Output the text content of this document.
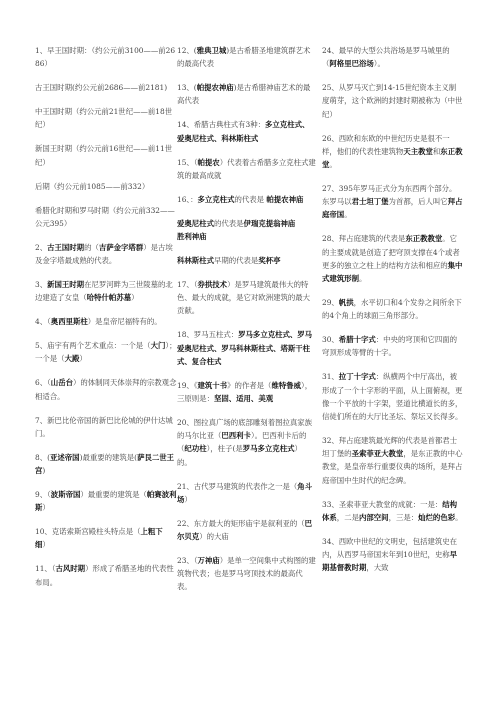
1、早王国时期：（约公元前3100——前2686）

古王国时期(约公元前2686——前2181)

中王国时期（约公元前21世纪——前18世纪）

新国王时期（约公元前16世纪——前11世纪）

后期（约公元前1085——前332）

希腊化时期和罗马时期（约公元前332——公元395）

2、古王国时期的（吉萨金字塔群）是古埃及金字塔最成熟的代表。

3、新国王时期在尼罗河畔为三世陵墓的北边建造了女皇（哈特什帕苏墓）

4、（奥西里斯柱）是皇帝尼福特有的。

5、庙宇有两个艺术重点：一个是（大门）；一个是（大殿）

6、（山岳台）的体制同天体崇拜的宗教观念相适合。

7、新巴比伦帝国的新巴比伦城的伊什达城门。

8、(亚述帝国)最重要的建筑是(萨艮二世王宫)

9、（波斯帝国）最重要的建筑是（帕赛波利斯）

10、克诺索斯宫殿柱头特点是（上粗下细）

11、（古风时期）形成了希腊圣地的代表性布局。

12、(雅典卫城)是古希腊圣地建筑群艺术的最高代表

13、(帕提农神庙)是古希腊神庙艺术的最高代表

14、希腊古典柱式有3种：多立克柱式、爱奥尼柱式、科林斯柱式

15、（帕提农）代表着古希腊多立克柱式建筑的最高成就

16、：多立克柱式的代表是 帕提农神庙

爱奥尼柱式的代表是伊瑞克提翁神庙　　胜利神庙

科林斯柱式早期的代表是奖杯亭

17、（券拱技术）是罗马建筑最伟大的特色、最大的成就，是它对欧洲建筑的最大贡献。

18、罗马五柱式：罗马多立克柱式、罗马爱奥尼柱式、罗马科林斯柱式、塔斯干柱式、复合柱式

19、《建筑十书》的作者是（维特鲁威），三原则是：坚固、适用、美观

20、图拉真广场的底部雕刻着图拉真家族的马尔比亚（巴西利卡）。巴西利卡后的（纪功柱），柱子(是罗马多立克柱式）的。

21、古代罗马建筑的代表作之一是（角斗场）

22、东方最大的矩形庙宇是叙利亚的（巴尔贝克）的大庙

23、（万神庙）是单一空间集中式构图的建筑物代表；也是罗马穹顶技术的最高代表。

24、最早的大型公共浴场是罗马城里的（阿格里巴浴场）。

25、从罗马灭亡到14-15世纪资本主义制度萌芽，这个欧洲的封建时期被称为（中世纪）

26、西欧和东欧的中世纪历史是很不一样，他们的代表性建筑物天主教堂和东正教堂。

27、395年罗马正式分为东西两个部分。东罗马以君士坦丁堡为首都，后人叫它拜占庭帝国。

28、拜占庭建筑的代表是东正教教堂。它的主要成就是创造了把穹顶支撑在4个或者更多的独立之柱上的结构方法和相应的集中式建筑形制。

29、帆拱，水平切口和4个发券之间所余下的4个角上的球面三角形部分。

30、希腊十字式：中央的穹顶和它四面的穹顶形成等臂的十字。

31、拉丁十字式：纵横两个中厅高出，被形成了一个十字形的平面，从上面俯视，更像一个平放的十字架，竖道比横道长的多，信徒们所在的大厅比圣坛、祭坛又长得多。

32、拜占庭建筑最光辉的代表是首都君士坦丁堡的圣索菲亚大教堂，是东正教的中心教堂，是皇帝举行重要仪典的场所，是拜占庭帝国中生时代的纪念碑。

33、圣索菲亚大教堂的成就：一是：结构体系，二是内部空间，三是：灿烂的色彩。

34、西欧中世纪的文明史，包括建筑史在内，从西罗马帝国末年到10世纪，史称早期基督教时期，大致
